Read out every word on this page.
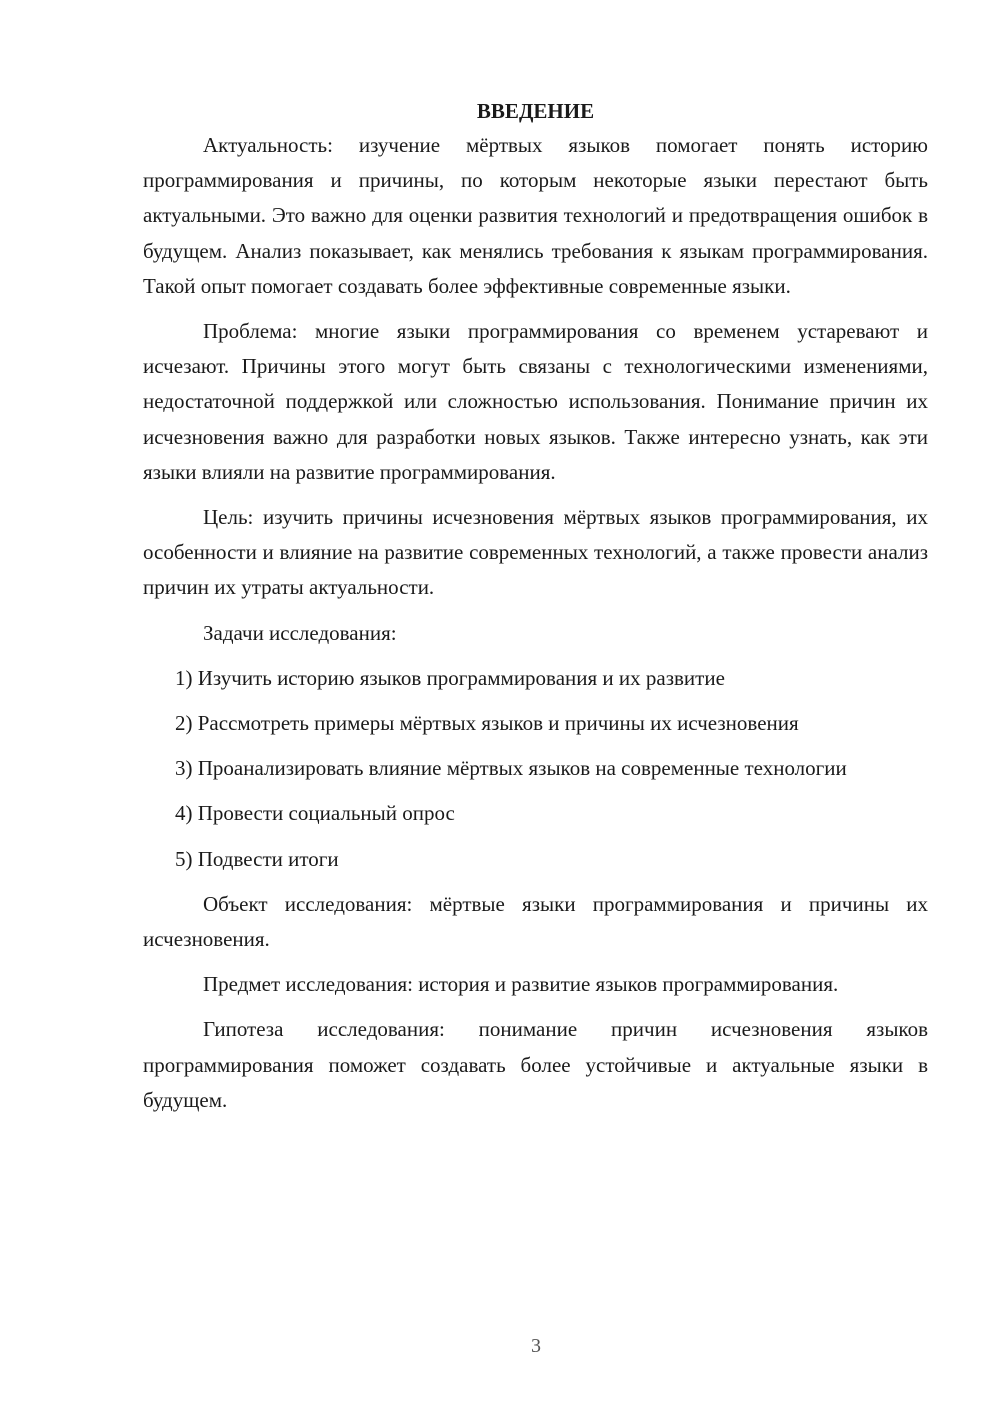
ВВЕДЕНИЕ

Актуальность: изучение мёртвых языков помогает понять историю программирования и причины, по которым некоторые языки перестают быть актуальными. Это важно для оценки развития технологий и предотвращения ошибок в будущем. Анализ показывает, как менялись требования к языкам программирования. Такой опыт помогает создавать более эффективные современные языки.

Проблема: многие языки программирования со временем устаревают и исчезают. Причины этого могут быть связаны с технологическими изменениями, недостаточной поддержкой или сложностью использования. Понимание причин их исчезновения важно для разработки новых языков. Также интересно узнать, как эти языки влияли на развитие программирования.

Цель: изучить причины исчезновения мёртвых языков программирования, их особенности и влияние на развитие современных технологий, а также провести анализ причин их утраты актуальности.

Задачи исследования:

1) Изучить историю языков программирования и их развитие

2) Рассмотреть примеры мёртвых языков и причины их исчезновения

3) Проанализировать влияние мёртвых языков на современные технологии

4) Провести социальный опрос

5) Подвести итоги

Объект исследования: мёртвые языки программирования и причины их исчезновения.

Предмет исследования: история и развитие языков программирования.

Гипотеза исследования: понимание причин исчезновения языков программирования поможет создавать более устойчивые и актуальные языки в будущем.

3
